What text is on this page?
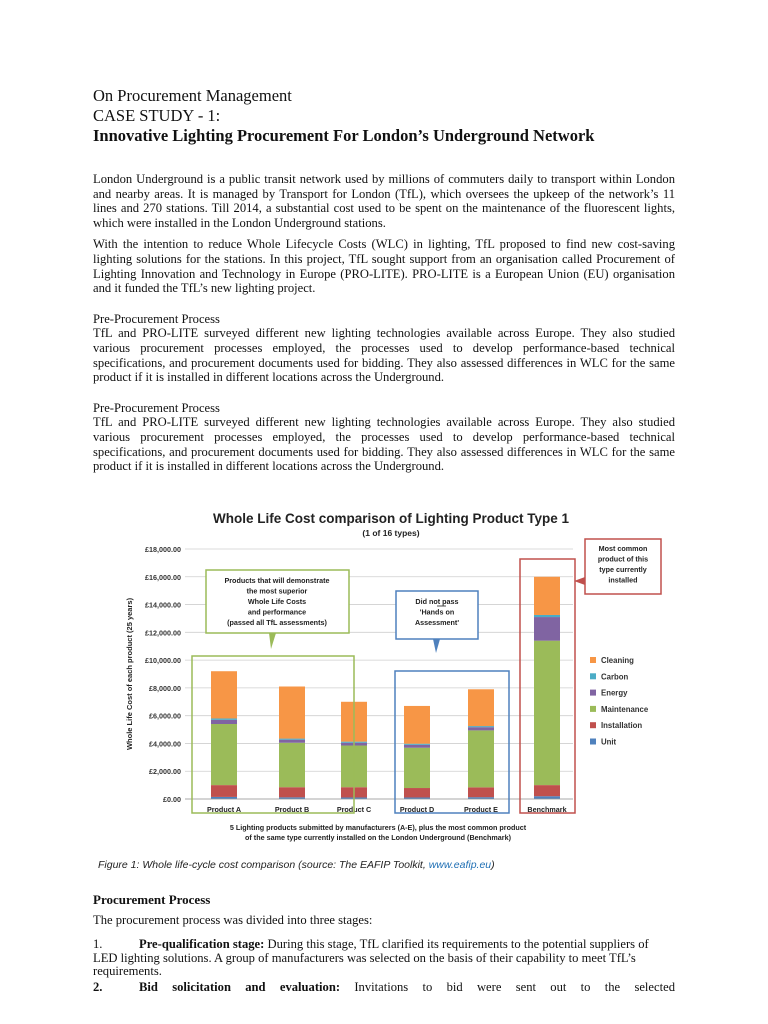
On Procurement Management
CASE STUDY - 1:
Innovative Lighting Procurement For London’s Underground Network

London Underground is a public transit network used by millions of commuters daily to transport within London and nearby areas. It is managed by Transport for London (TfL), which oversees the upkeep of the network’s 11 lines and 270 stations. Till 2014, a substantial cost used to be spent on the maintenance of the fluorescent lights, which were installed in the London Underground stations.

With the intention to reduce Whole Lifecycle Costs (WLC) in lighting, TfL proposed to find new cost-saving lighting solutions for the stations. In this project, TfL sought support from an organisation called Procurement of Lighting Innovation and Technology in Europe (PRO-LITE). PRO-LITE is a European Union (EU) organisation and it funded the TfL’s new lighting project.

Pre-Procurement Process

TfL and PRO-LITE surveyed different new lighting technologies available across Europe. They also studied various procurement processes employed, the processes used to develop performance-based technical specifications, and procurement documents used for bidding. They also assessed differences in WLC for the same product if it is installed in different locations across the Underground.

Pre-Procurement Process

TfL and PRO-LITE surveyed different new lighting technologies available across Europe. They also studied various procurement processes employed, the processes used to develop performance-based technical specifications, and procurement documents used for bidding. They also assessed differences in WLC for the same product if it is installed in different locations across the Underground.

Whole Life Cost comparison of Lighting Product Type 1
(1 of 16 types)
£0.00
£2,000.00
£4,000.00
£6,000.00
£8,000.00
£10,000.00
£12,000.00
£14,000.00
£16,000.00
£18,000.00
Whole Life Cost of each product (25 years)
Product A	Product B	Product C	Product D	Product E	Benchmark
Products that will demonstrate
the most superior
Whole Life Costs
and performance
(passed all TfL assessments)
Did not pass
'Hands on
Assessment'
Most common
product of this
type currently
installed
Cleaning
Carbon
Energy
Maintenance
Installation
Unit
5 Lighting products submitted by manufacturers (A-E), plus the most common product
of the same type currently installed on the London Underground (Benchmark)
Figure 1: Whole life-cycle cost comparison (source: The EAFIP Toolkit, www.eafip.eu)

Procurement Process

The procurement process was divided into three stages:

1.	Pre-qualification stage: During this stage, TfL clarified its requirements to the potential suppliers of LED lighting solutions. A group of manufacturers was selected on the basis of their capability to meet TfL’s requirements.

2.	Bid solicitation and evaluation: Invitations to bid were sent out to the selected
